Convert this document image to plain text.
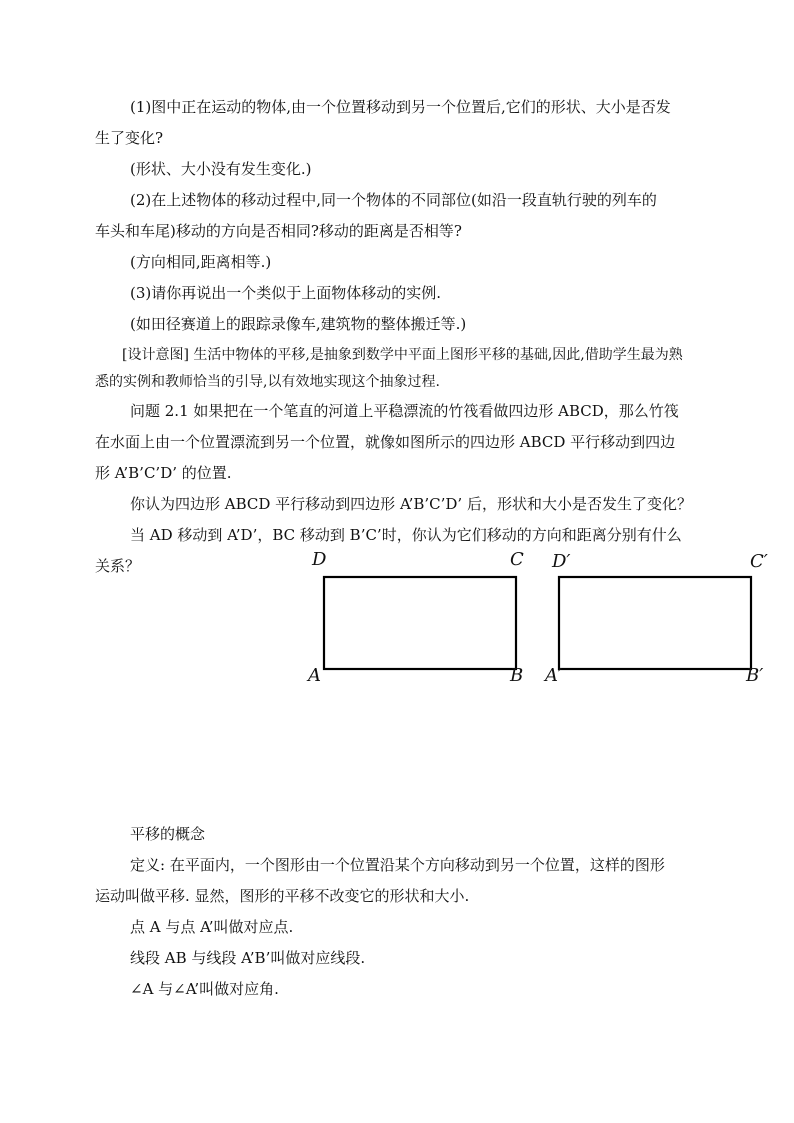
(1)图中正在运动的物体,由一个位置移动到另一个位置后,它们的形状、大小是否发
生了变化?
(形状、大小没有发生变化.)
(2)在上述物体的移动过程中,同一个物体的不同部位(如沿一段直轨行驶的列车的
车头和车尾)移动的方向是否相同?移动的距离是否相等?
(方向相同,距离相等.)
(3)请你再说出一个类似于上面物体移动的实例.
(如田径赛道上的跟踪录像车,建筑物的整体搬迁等.)
[设计意图] 生活中物体的平移,是抽象到数学中平面上图形平移的基础,因此,借助学生最为熟
悉的实例和教师恰当的引导,以有效地实现这个抽象过程.
问题 2.1 如果把在一个笔直的河道上平稳漂流的竹筏看做四边形 ABCD，那么竹筏
在水面上由一个位置漂流到另一个位置，就像如图所示的四边形 ABCD 平行移动到四边
形 A’B’C’D’ 的位置.
你认为四边形 ABCD 平行移动到四边形 A’B’C’D’ 后，形状和大小是否发生了变化？
当 AD 移动到 A’D’，BC 移动到 B’C’时，你认为它们移动的方向和距离分别有什么
关系？	D	C
A	B
D′	C′
A′	B′
平移的概念
定义: 在平面内，一个图形由一个位置沿某个方向移动到另一个位置，这样的图形
运动叫做平移. 显然，图形的平移不改变它的形状和大小.
点 A 与点 A’叫做对应点.
线段 AB 与线段 A’B’叫做对应线段.
∠A 与∠A’叫做对应角.
